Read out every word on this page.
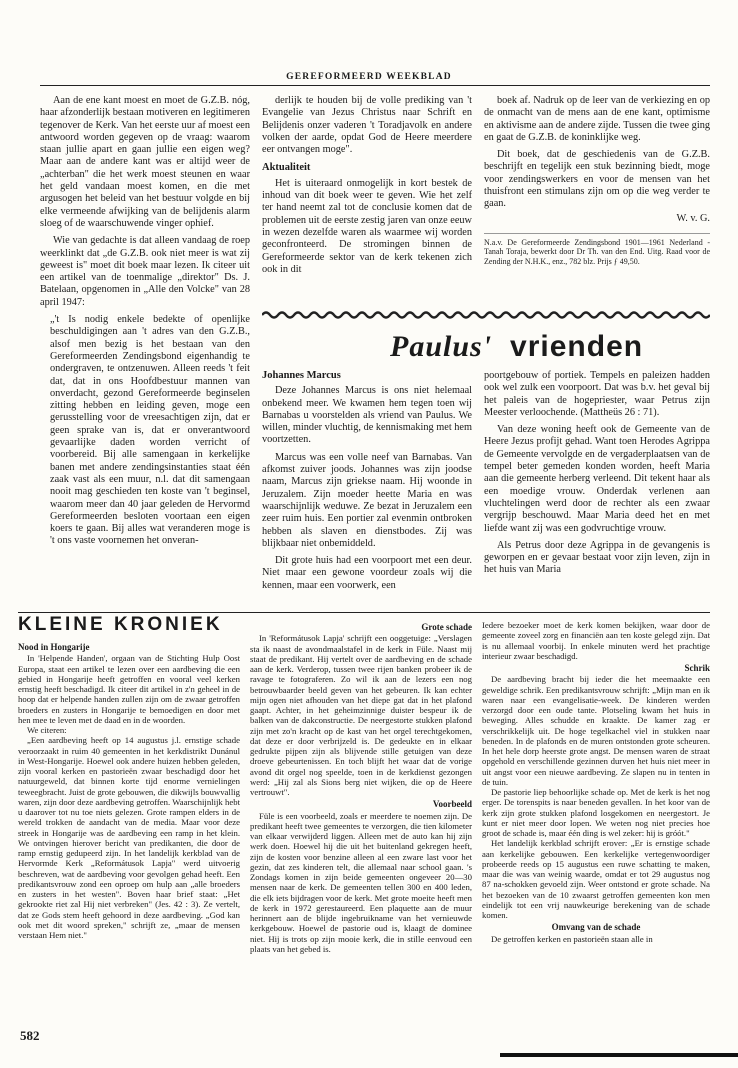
GEREFORMEERD WEEKBLAD

Aan de ene kant moest en moet de G.Z.B. nóg, haar afzonderlijk bestaan motiveren en legitimeren tegenover de Kerk. Van het eerste uur af moest een antwoord worden gegeven op de vraag: waarom staan jullie apart en gaan jullie een eigen weg? Maar aan de andere kant was er altijd weer de „achterban" die het werk moest steunen en waar het geld vandaan moest komen, en die met argusogen het beleid van het bestuur volgde en bij elke vermeende afwijking van de belijdenis alarm sloeg of de waarschuwende vinger ophief.

Wie van gedachte is dat alleen vandaag de roep weerklinkt dat „de G.Z.B. ook niet meer is wat zij geweest is" moet dit boek maar lezen. Ik citeer uit een artikel van de toenmalige „direktor" Ds. J. Batelaan, opgenomen in „Alle den Volcke" van 28 april 1947:

„'t Is nodig enkele bedekte of openlijke beschuldigingen aan 't adres van den G.Z.B., alsof men bezig is het bestaan van den Gereformeerden Zendingsbond eigenhandig te ondergraven, te ontzenuwen. Alleen reeds 't feit dat, dat in ons Hoofdbestuur mannen van onverdacht, gezond Gereformeerde beginselen zitting hebben en leiding geven, moge een gerusstelling voor de vreesachtigen zijn, dat er geen sprake van is, dat er onverantwoord gevaarlijke daden worden verricht of voorbereid. Bij alle samengaan in kerkelijke banen met andere zendingsinstanties staat één zaak vast als een muur, n.l. dat dit samengaan nooit mag geschieden ten koste van 't beginsel, waarom meer dan 40 jaar geleden de Hervormd Gereformeerden besloten voortaan een eigen koers te gaan. Bij alles wat veranderen moge is 't ons vaste voornemen het onveran-

derlijk te houden bij de volle prediking van 't Evangelie van Jezus Christus naar Schrift en Belijdenis onzer vaderen 't Toradjavolk en andere volken der aarde, opdat God de Heere meerdere eer ontvangen moge".

Aktualiteit

Het is uiteraard onmogelijk in kort bestek de inhoud van dit boek weer te geven. Wie het zelf ter hand neemt zal tot de conclusie komen dat de problemen uit de eerste zestig jaren van onze eeuw in wezen dezelfde waren als waarmee wij worden geconfronteerd. De stromingen binnen de Gereformeerde sektor van de kerk tekenen zich ook in dit

boek af. Nadruk op de leer van de verkiezing en op de onmacht van de mens aan de ene kant, optimisme en aktivisme aan de andere zijde. Tussen die twee ging en gaat de G.Z.B. de koninklijke weg.

Dit boek, dat de geschiedenis van de G.Z.B. beschrijft en tegelijk een stuk bezinning biedt, moge voor zendingswerkers en voor de mensen van het thuisfront een stimulans zijn om op die weg verder te gaan.

W. v. G.

N.a.v. De Gereformeerde Zendingsbond 1901—1961 Nederland - Tanah Toraja, bewerkt door Dr Th. van den End. Uitg. Raad voor de Zending der N.H.K., enz., 782 blz. Prijs ƒ 49,50.

Paulus' vrienden
Johannes Marcus

Deze Johannes Marcus is ons niet helemaal onbekend meer. We kwamen hem tegen toen wij Barnabas u voorstelden als vriend van Paulus. We willen, minder vluchtig, de kennismaking met hem voortzetten.

Marcus was een volle neef van Barnabas. Van afkomst zuiver joods. Johannes was zijn joodse naam, Marcus zijn griekse naam. Hij woonde in Jeruzalem. Zijn moeder heette Maria en was waarschijnlijk weduwe. Ze bezat in Jeruzalem een zeer ruim huis. Een portier zal evenmin ontbroken hebben als slaven en dienstbodes. Zij was blijkbaar niet onbemiddeld.

Dit grote huis had een voorpoort met een deur. Niet maar een gewone voordeur zoals wij die kennen, maar een voorwerk, een

poortgebouw of portiek. Tempels en paleizen hadden ook wel zulk een voorpoort. Dat was b.v. het geval bij het paleis van de hogepriester, waar Petrus zijn Meester verloochende. (Mattheüs 26 : 71).

Van deze woning heeft ook de Gemeente van de Heere Jezus profijt gehad. Want toen Herodes Agrippa de Gemeente vervolgde en de vergaderplaatsen van de tempel beter gemeden konden worden, heeft Maria aan die gemeente herberg verleend. Dit tekent haar als een moedige vrouw. Onderdak verlenen aan vluchtelingen werd door de rechter als een zwaar vergrijp beschouwd. Maar Maria deed het en met liefde want zij was een godvruchtige vrouw.

Als Petrus door deze Agrippa in de gevangenis is geworpen en er gevaar bestaat voor zijn leven, zijn in het huis van Maria

KLEINE KRONIEK
Nood in Hongarije

In 'Helpende Handen', orgaan van de Stichting Hulp Oost Europa, staat een artikel te lezen over een aardbeving die een gebied in Hongarije heeft getroffen en vooral veel kerken ernstig heeft beschadigd. Ik citeer dit artikel in z'n geheel in de hoop dat er helpende handen zullen zijn om de zwaar getroffen broeders en zusters in Hongarije te bemoedigen en door met hen mee te leven met de daad en in de woorden.

We citeren:

„Een aardbeving heeft op 14 augustus j.l. ernstige schade veroorzaakt in ruim 40 gemeenten in het kerkdistrikt Dunánul in West-Hongarije. Hoewel ook andere huizen hebben geleden, zijn vooral kerken en pastorieën zwaar beschadigd door het natuurgeweld, dat binnen korte tijd enorme vernielingen teweegbracht. Juist de grote gebouwen, die dikwijls bouwvallig waren, zijn door deze aardbeving getroffen. Waarschijnlijk hebt u daarover tot nu toe niets gelezen. Grote rampen elders in de wereld trokken de aandacht van de media. Maar voor deze streek in Hongarije was de aardbeving een ramp in het klein. We ontvingen hierover bericht van predikanten, die door de ramp ernstig gedupeerd zijn. In het landelijk kerkblad van de Hervormde Kerk „Reformátusok Lapja" werd uitvoerig beschreven, wat de aardbeving voor gevolgen gehad heeft. Een predikantsvrouw zond een oproep om hulp aan „alle broeders en zusters in het westen". Boven haar brief staat: „Het gekrookte riet zal Hij niet verbreken" (Jes. 42 : 3). Ze vertelt, dat ze Gods stem heeft gehoord in deze aardbeving. „God kan ook met dit woord spreken," schrijft ze, „maar de mensen verstaan Hem niet."

Grote schade

In 'Reformátusok Lapja' schrijft een ooggetuige: „Verslagen sta ik naast de avondmaalstafel in de kerk in Füle. Naast mij staat de predikant. Hij vertelt over de aardbeving en de schade aan de kerk. Verderop, tussen twee rijen banken probeer ik de ravage te fotograferen. Zo wil ik aan de lezers een nog betrouwbaarder beeld geven van het gebeuren. Ik kan echter mijn ogen niet afhouden van het diepe gat dat in het plafond gaapt. Achter, in het geheimzinnige duister bespeur ik de balken van de dakconstructie. De neergestorte stukken plafond zijn met zo'n kracht op de kast van het orgel terechtgekomen, dat deze er door verbrijzeld is. De gedeukte en in elkaar gedrukte pijpen zijn als blijvende stille getuigen van deze droeve gebeurtenissen. En toch blijft het waar dat de vorige avond dit orgel nog speelde, toen in de kerkdienst gezongen werd: „Hij zal als Sions berg niet wijken, die op de Heere vertrouwt".

Voorbeeld

Füle is een voorbeeld, zoals er meerdere te noemen zijn. De predikant heeft twee gemeentes te verzorgen, die tien kilometer van elkaar verwijderd liggen. Alleen met de auto kan hij zijn werk doen. Hoewel hij die uit het buitenland gekregen heeft, zijn de kosten voor benzine alleen al een zware last voor het gezin, dat zes kinderen telt, die allemaal naar school gaan. 's Zondags komen in zijn beide gemeenten ongeveer 20—30 mensen naar de kerk. De gemeenten tellen 300 en 400 leden, die elk iets bijdragen voor de kerk. Met grote moeite heeft men de kerk in 1972 gerestaureerd. Een plaquette aan de muur herinnert aan de blijde ingebruikname van het vernieuwde kerkgebouw. Hoewel de pastorie oud is, klaagt de dominee niet. Hij is trots op zijn mooie kerk, die in stille eenvoud een plaats van het gebed is.

Iedere bezoeker moet de kerk komen bekijken, waar door de gemeente zoveel zorg en financiën aan ten koste gelegd zijn. Dat is nu allemaal voorbij. In enkele minuten werd het prachtige interieur zwaar beschadigd.

Schrik

De aardbeving bracht bij ieder die het meemaakte een geweldige schrik. Een predikantsvrouw schrijft: „Mijn man en ik waren naar een evangelisatie-week. De kinderen werden verzorgd door een oude tante. Plotseling kwam het huis in beweging. Alles schudde en kraakte. De kamer zag er verschrikkelijk uit. De hoge tegelkachel viel in stukken naar beneden. In de plafonds en de muren ontstonden grote scheuren. In het hele dorp heerste grote angst. De mensen waren de straat opgehold en verschillende gezinnen durven het huis niet meer in uit angst voor een nieuwe aardbeving. Ze slapen nu in tenten in de tuin.

De pastorie liep behoorlijke schade op. Met de kerk is het nog erger. De torenspits is naar beneden gevallen. In het koor van de kerk zijn grote stukken plafond losgekomen en neergestort. Je kunt er niet meer door lopen. We weten nog niet precies hoe groot de schade is, maar één ding is wel zeker: hij is gróót."

Het landelijk kerkblad schrijft erover: „Er is ernstige schade aan kerkelijke gebouwen. Een kerkelijke vertegenwoordiger probeerde reeds op 15 augustus een ruwe schatting te maken, maar die was van weinig waarde, omdat er tot 29 augustus nog 87 na-schokken gevoeld zijn. Weer ontstond er grote schade. Na het bezoeken van de 10 zwaarst getroffen gemeenten kon men eindelijk tot een vrij nauwkeurige berekening van de schade komen.

Omvang van de schade

De getroffen kerken en pastorieën staan alle in

582
